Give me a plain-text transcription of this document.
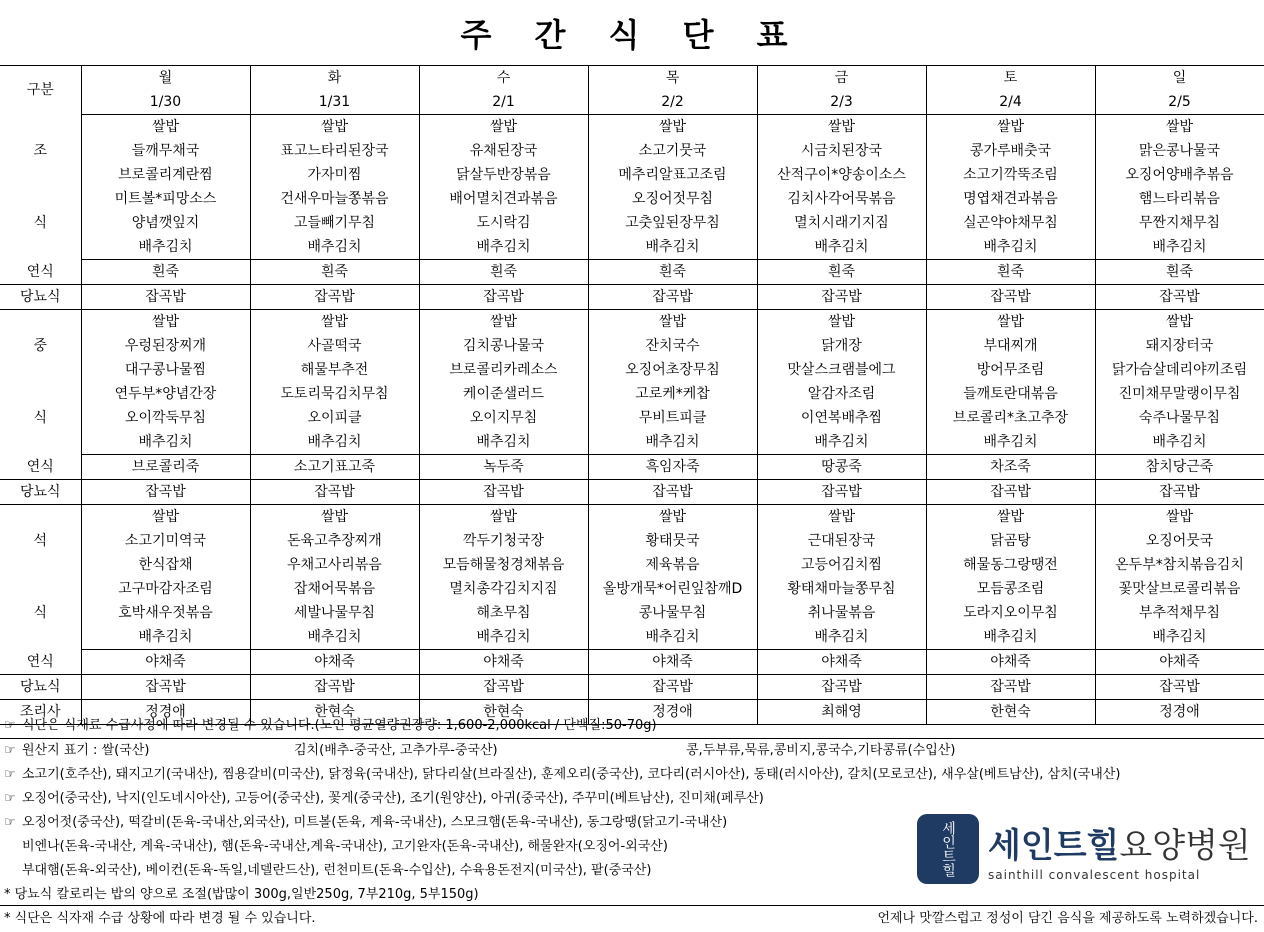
주 간 식 단 표
구분	월	화	수	목	금	토	일
	1/30	1/31	2/1	2/2	2/3	2/4	2/5
조	쌀밥	쌀밥	쌀밥	쌀밥	쌀밥	쌀밥	쌀밥
	들깨무채국	표고느타리된장국	유채된장국	소고기뭇국	시금치된장국	콩가루배춧국	맑은콩나물국
	브로콜리계란찜	가자미찜	닭살두반장볶음	메추리알표고조림	산적구이*양송이소스	소고기깍뚝조림	오징어양배추볶음
식	미트볼*피망소스	건새우마늘쫑볶음	배어멸치견과볶음	오징어젓무침	김치사각어묵볶음	명엽채견과볶음	햄느타리볶음
	양념깻잎지	고들빼기무침	도시락김	고춧잎된장무침	멸치시래기지짐	실곤약야채무침	무짠지채무침
	배추김치	배추김치	배추김치	배추김치	배추김치	배추김치	배추김치
연식	흰죽	흰죽	흰죽	흰죽	흰죽	흰죽	흰죽
당뇨식	잡곡밥	잡곡밥	잡곡밥	잡곡밥	잡곡밥	잡곡밥	잡곡밥
중	쌀밥	쌀밥	쌀밥	쌀밥	쌀밥	쌀밥	쌀밥
	우렁된장찌개	사골떡국	김치콩나물국	잔치국수	닭개장	부대찌개	돼지장터국
	대구콩나물찜	해물부추전	브로콜리카레소스	오징어초장무침	맛살스크램블에그	방어무조림	닭가슴살데리야끼조림
식	연두부*양념간장	도토리묵김치무침	케이준샐러드	고로케*케찹	알감자조림	들깨토란대볶음	진미채무말랭이무침
	오이깍둑무침	오이피클	오이지무침	무비트피클	이연복배추찜	브로콜리*초고추장	숙주나물무침
	배추김치	배추김치	배추김치	배추김치	배추김치	배추김치	배추김치
연식	브로콜리죽	소고기표고죽	녹두죽	흑임자죽	땅콩죽	차조죽	참치당근죽
당뇨식	잡곡밥	잡곡밥	잡곡밥	잡곡밥	잡곡밥	잡곡밥	잡곡밥
석	쌀밥	쌀밥	쌀밥	쌀밥	쌀밥	쌀밥	쌀밥
	소고기미역국	돈육고추장찌개	깍두기청국장	황태뭇국	근대된장국	닭곰탕	오징어뭇국
	한식잡채	우채고사리볶음	모듬해물청경채볶음	제육볶음	고등어김치찜	해물동그랑땡전	온두부*참치볶음김치
식	고구마감자조림	잡채어묵볶음	멸치총각김치지짐	올방개묵*어린잎참깨D	황태채마늘쫑무침	모듬콩조림	꽃맛살브로콜리볶음
	호박새우젓볶음	세발나물무침	해초무침	콩나물무침	취나물볶음	도라지오이무침	부추적채무침
	배추김치	배추김치	배추김치	배추김치	배추김치	배추김치	배추김치
연식	야채죽	야채죽	야채죽	야채죽	야채죽	야채죽	야채죽
당뇨식	잡곡밥	잡곡밥	잡곡밥	잡곡밥	잡곡밥	잡곡밥	잡곡밥
조리사	정경애	한현숙	한현숙	정경애	최해영	한현숙	정경애
☞ 식단은 식재료 수급사정에 따라 변경될 수 있습니다.(노인 평균열량권장량: 1,600-2,000kcal / 단백질:50-70g)
☞ 원산지 표기 : 쌀(국산)	김치(배추-중국산, 고추가루-중국산)	콩,두부류,묵류,콩비지,콩국수,기타콩류(수입산)
☞ 소고기(호주산), 돼지고기(국내산), 찜용갈비(미국산), 닭정육(국내산), 닭다리살(브라질산), 훈제오리(중국산), 코다리(러시아산), 동태(러시아산), 갈치(모로코산), 새우살(베트남산), 삼치(국내산)
☞ 오징어(중국산), 낙지(인도네시아산), 고등어(중국산), 꽃게(중국산), 조기(원양산), 아귀(중국산), 주꾸미(베트남산), 진미채(페루산)
☞ 오징어젓(중국산), 떡갈비(돈육-국내산,외국산), 미트볼(돈육, 계육-국내산), 스모크햄(돈육-국내산), 동그랑땡(닭고기-국내산)
비엔나(돈육-국내산, 계육-국내산), 햄(돈육-국내산,계육-국내산), 고기완자(돈육-국내산), 해물완자(오징어-외국산)
부대햄(돈육-외국산), 베이컨(돈육-독일,네델란드산), 런천미트(돈육-수입산), 수육용돈전지(미국산), 팥(중국산)
* 당뇨식 칼로리는 밥의 양으로 조절(밥많이 300g,일반250g, 7부210g, 5부150g)
세인트힐 세인트힐요양병원
sainthill convalescent hospital
* 식단은 식자재 수급 상황에 따라 변경 될 수 있습니다.	언제나 맛깔스럽고 정성이 담긴 음식을 제공하도록 노력하겠습니다.
